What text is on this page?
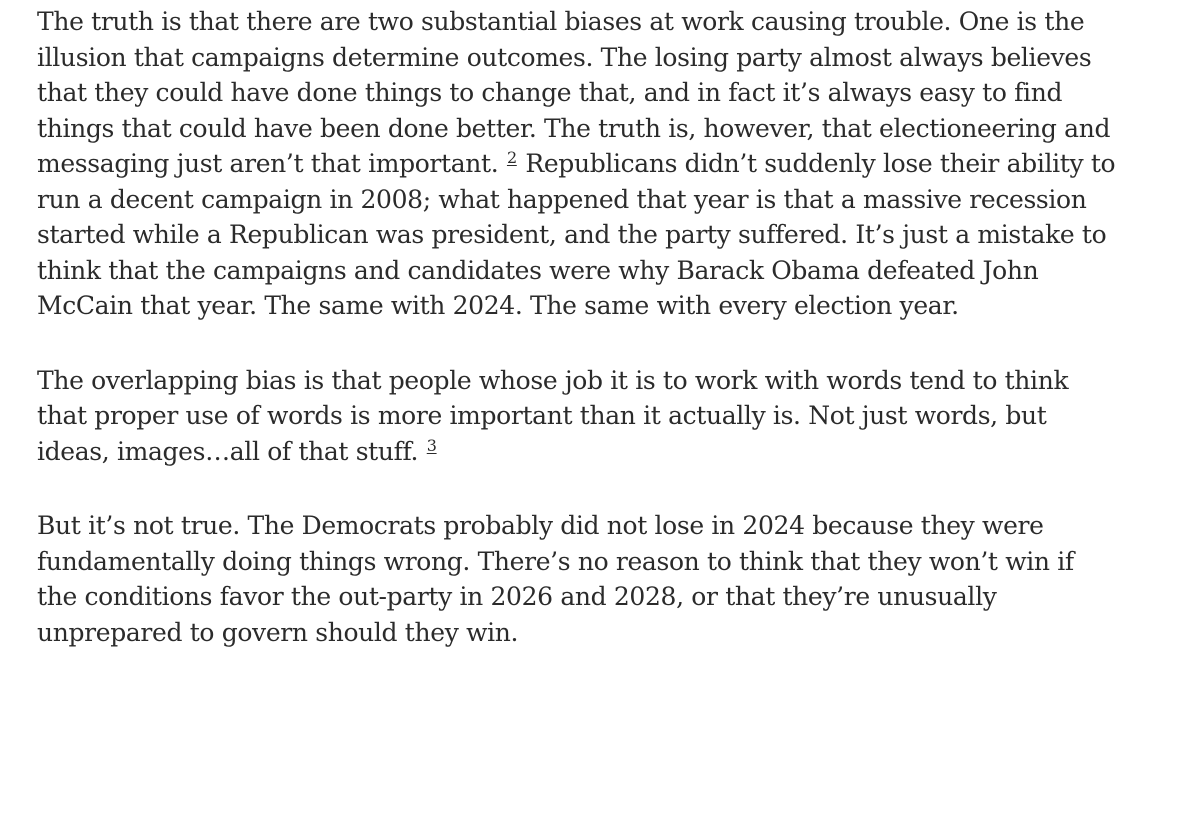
The truth is that there are two substantial biases at work causing trouble. One is the
illusion that campaigns determine outcomes. The losing party almost always believes
that they could have done things to change that, and in fact it’s always easy to find
things that could have been done better. The truth is, however, that electioneering and
messaging just aren’t that important. $^2$ Republicans didn’t suddenly lose their ability to
run a decent campaign in 2008; what happened that year is that a massive recession
started while a Republican was president, and the party suffered. It’s just a mistake to
think that the campaigns and candidates were why Barack Obama defeated John
McCain that year. The same with 2024. The same with every election year.

The overlapping bias is that people whose job it is to work with words tend to think
that proper use of words is more important than it actually is. Not just words, but
ideas, images…all of that stuff. $^3$

But it’s not true. The Democrats probably did not lose in 2024 because they were
fundamentally doing things wrong. There’s no reason to think that they won’t win if
the conditions favor the out-party in 2026 and 2028, or that they’re unusually
unprepared to govern should they win.
